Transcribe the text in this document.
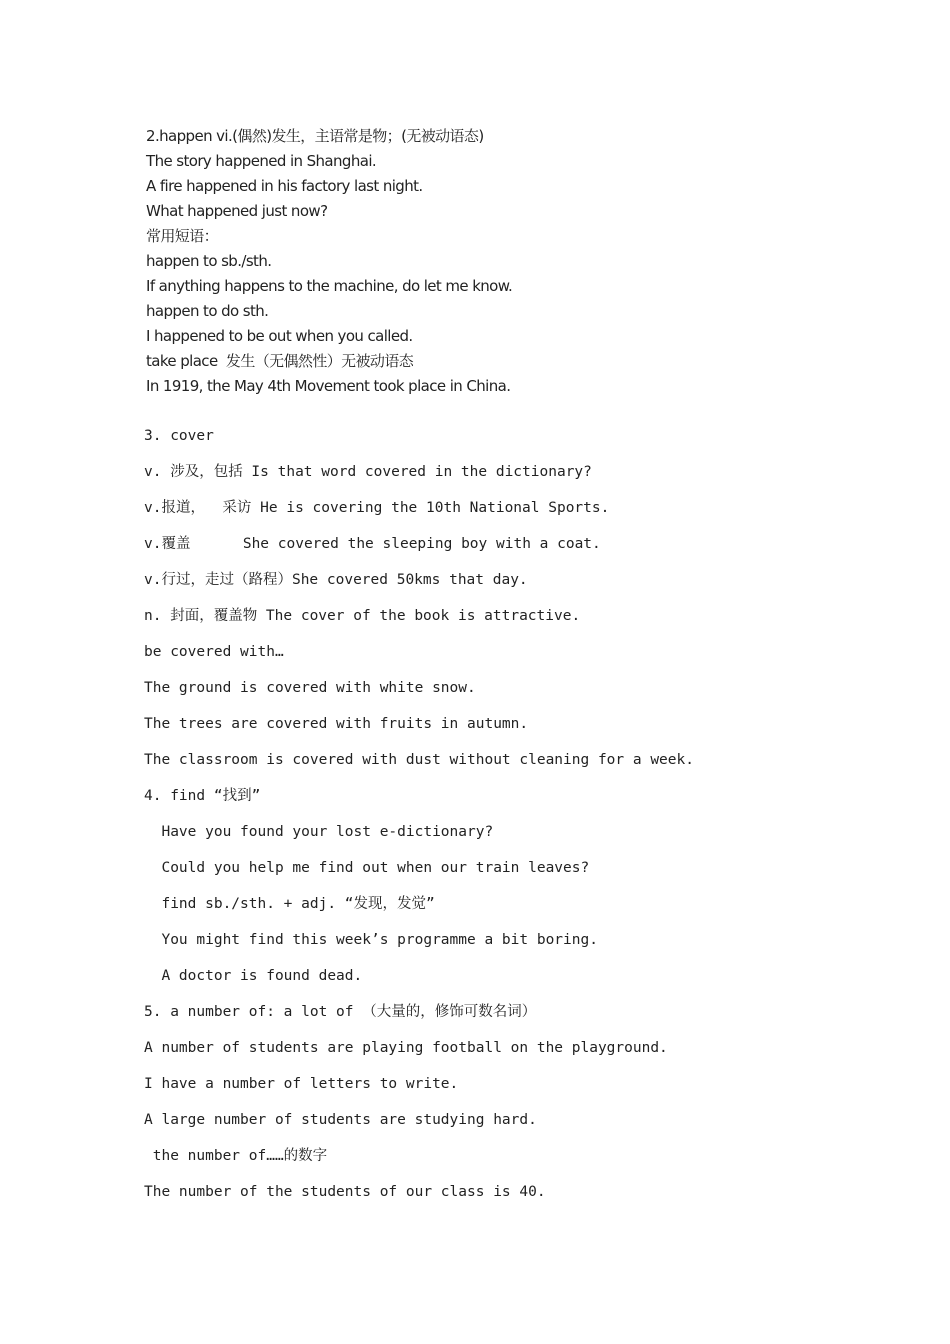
2.happen vi.(偶然)发生，主语常是物；(无被动语态)
The story happened in Shanghai.
A fire happened in his factory last night.
What happened just now?
常用短语：
happen to sb./sth.
If anything happens to the machine, do let me know.
happen to do sth.
I happened to be out when you called.
take place  发生（无偶然性）无被动语态
In 1919, the May 4th Movement took place in China.
3. cover
v. 涉及，包括 Is that word covered in the dictionary?
v.报道，  采访 He is covering the 10th National Sports.
v.覆盖      She covered the sleeping boy with a coat.
v.行过，走过（路程）She covered 50kms that day.
n. 封面，覆盖物 The cover of the book is attractive.
be covered with…
The ground is covered with white snow.
The trees are covered with fruits in autumn.
The classroom is covered with dust without cleaning for a week.
4. find “找到”
Have you found your lost e-dictionary?
Could you help me find out when our train leaves?
find sb./sth. + adj. “发现，发觉”
You might find this week’s programme a bit boring.
A doctor is found dead.
5. a number of: a lot of （大量的，修饰可数名词）
A number of students are playing football on the playground.
I have a number of letters to write.
A large number of students are studying hard.
the number of……的数字
The number of the students of our class is 40.
